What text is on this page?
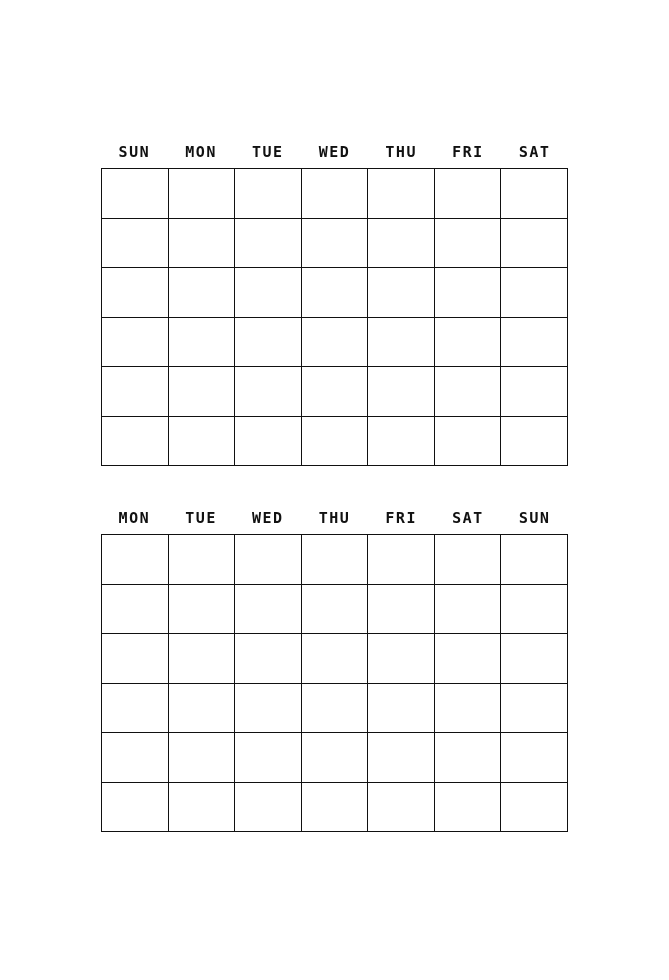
SUN	MON	TUE	WED	THU	FRI	SAT
MON	TUE	WED	THU	FRI	SAT	SUN
